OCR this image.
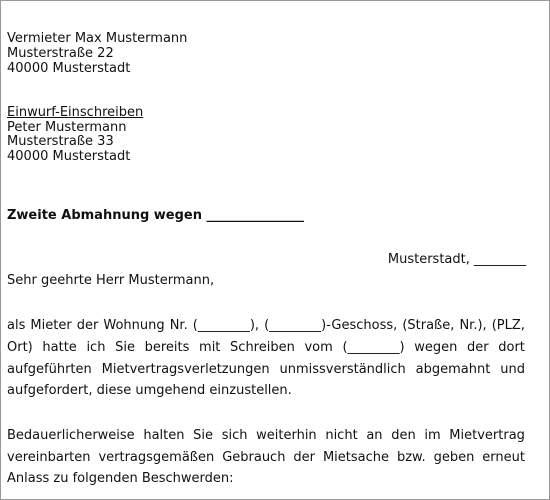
Vermieter Max Mustermann
Musterstraße 22
40000 Musterstadt
Einwurf-Einschreiben
Peter Mustermann
Musterstraße 33
40000 Musterstadt
Zweite Abmahnung wegen _______________
Musterstadt, ________
Sehr geehrte Herr Mustermann,
als Mieter der Wohnung Nr. (________), (________)-Geschoss, (Straße, Nr.), (PLZ,
Ort) hatte ich Sie bereits mit Schreiben vom (________) wegen der dort
aufgeführten Mietvertragsverletzungen unmissverständlich abgemahnt und
aufgefordert, diese umgehend einzustellen.
Bedauerlicherweise halten Sie sich weiterhin nicht an den im Mietvertrag
vereinbarten vertragsgemäßen Gebrauch der Mietsache bzw. geben erneut
Anlass zu folgenden Beschwerden:
